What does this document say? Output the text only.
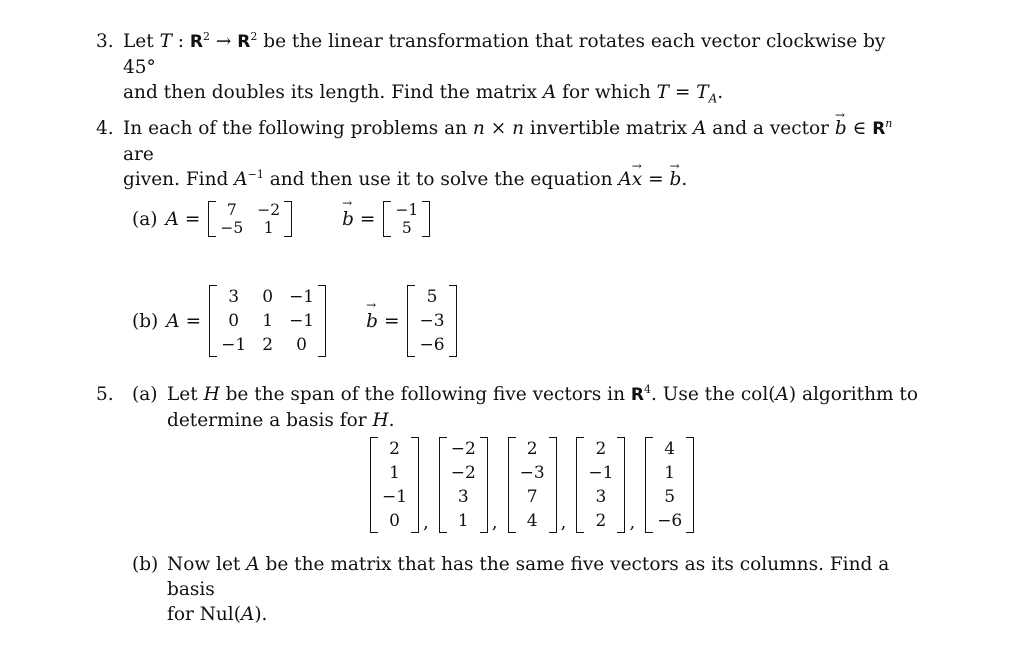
3. Let T : $R^2 \to R^2$ be the linear transformation that rotates each vector clockwise by 45°
and then doubles its length. Find the matrix A for which $T = T_A$.
4. In each of the following problems an n × n invertible matrix A and a vector → b ∈ $R^n$ are
given. Find $A^{-1}$ and then use it to solve the equation A→ x = → b.
(a) A =	7	−2
−5	1
→	b = −1
5
(b) A =
3	0 −1
0	1 −1
−1 2	0
→ b =
5
−3
−6
5. (a) Let H be the span of the following five vectors in $R^4$. Use the col(A) algorithm to
determine a basis for H.
2
1
−1
0	,
−2
−2
3
1	,
2
−3
7
4	,
2
−1
3
2	,
4
1
5
−6
(b) Now let A be the matrix that has the same five vectors as its columns. Find a basis
for Nul(A).
